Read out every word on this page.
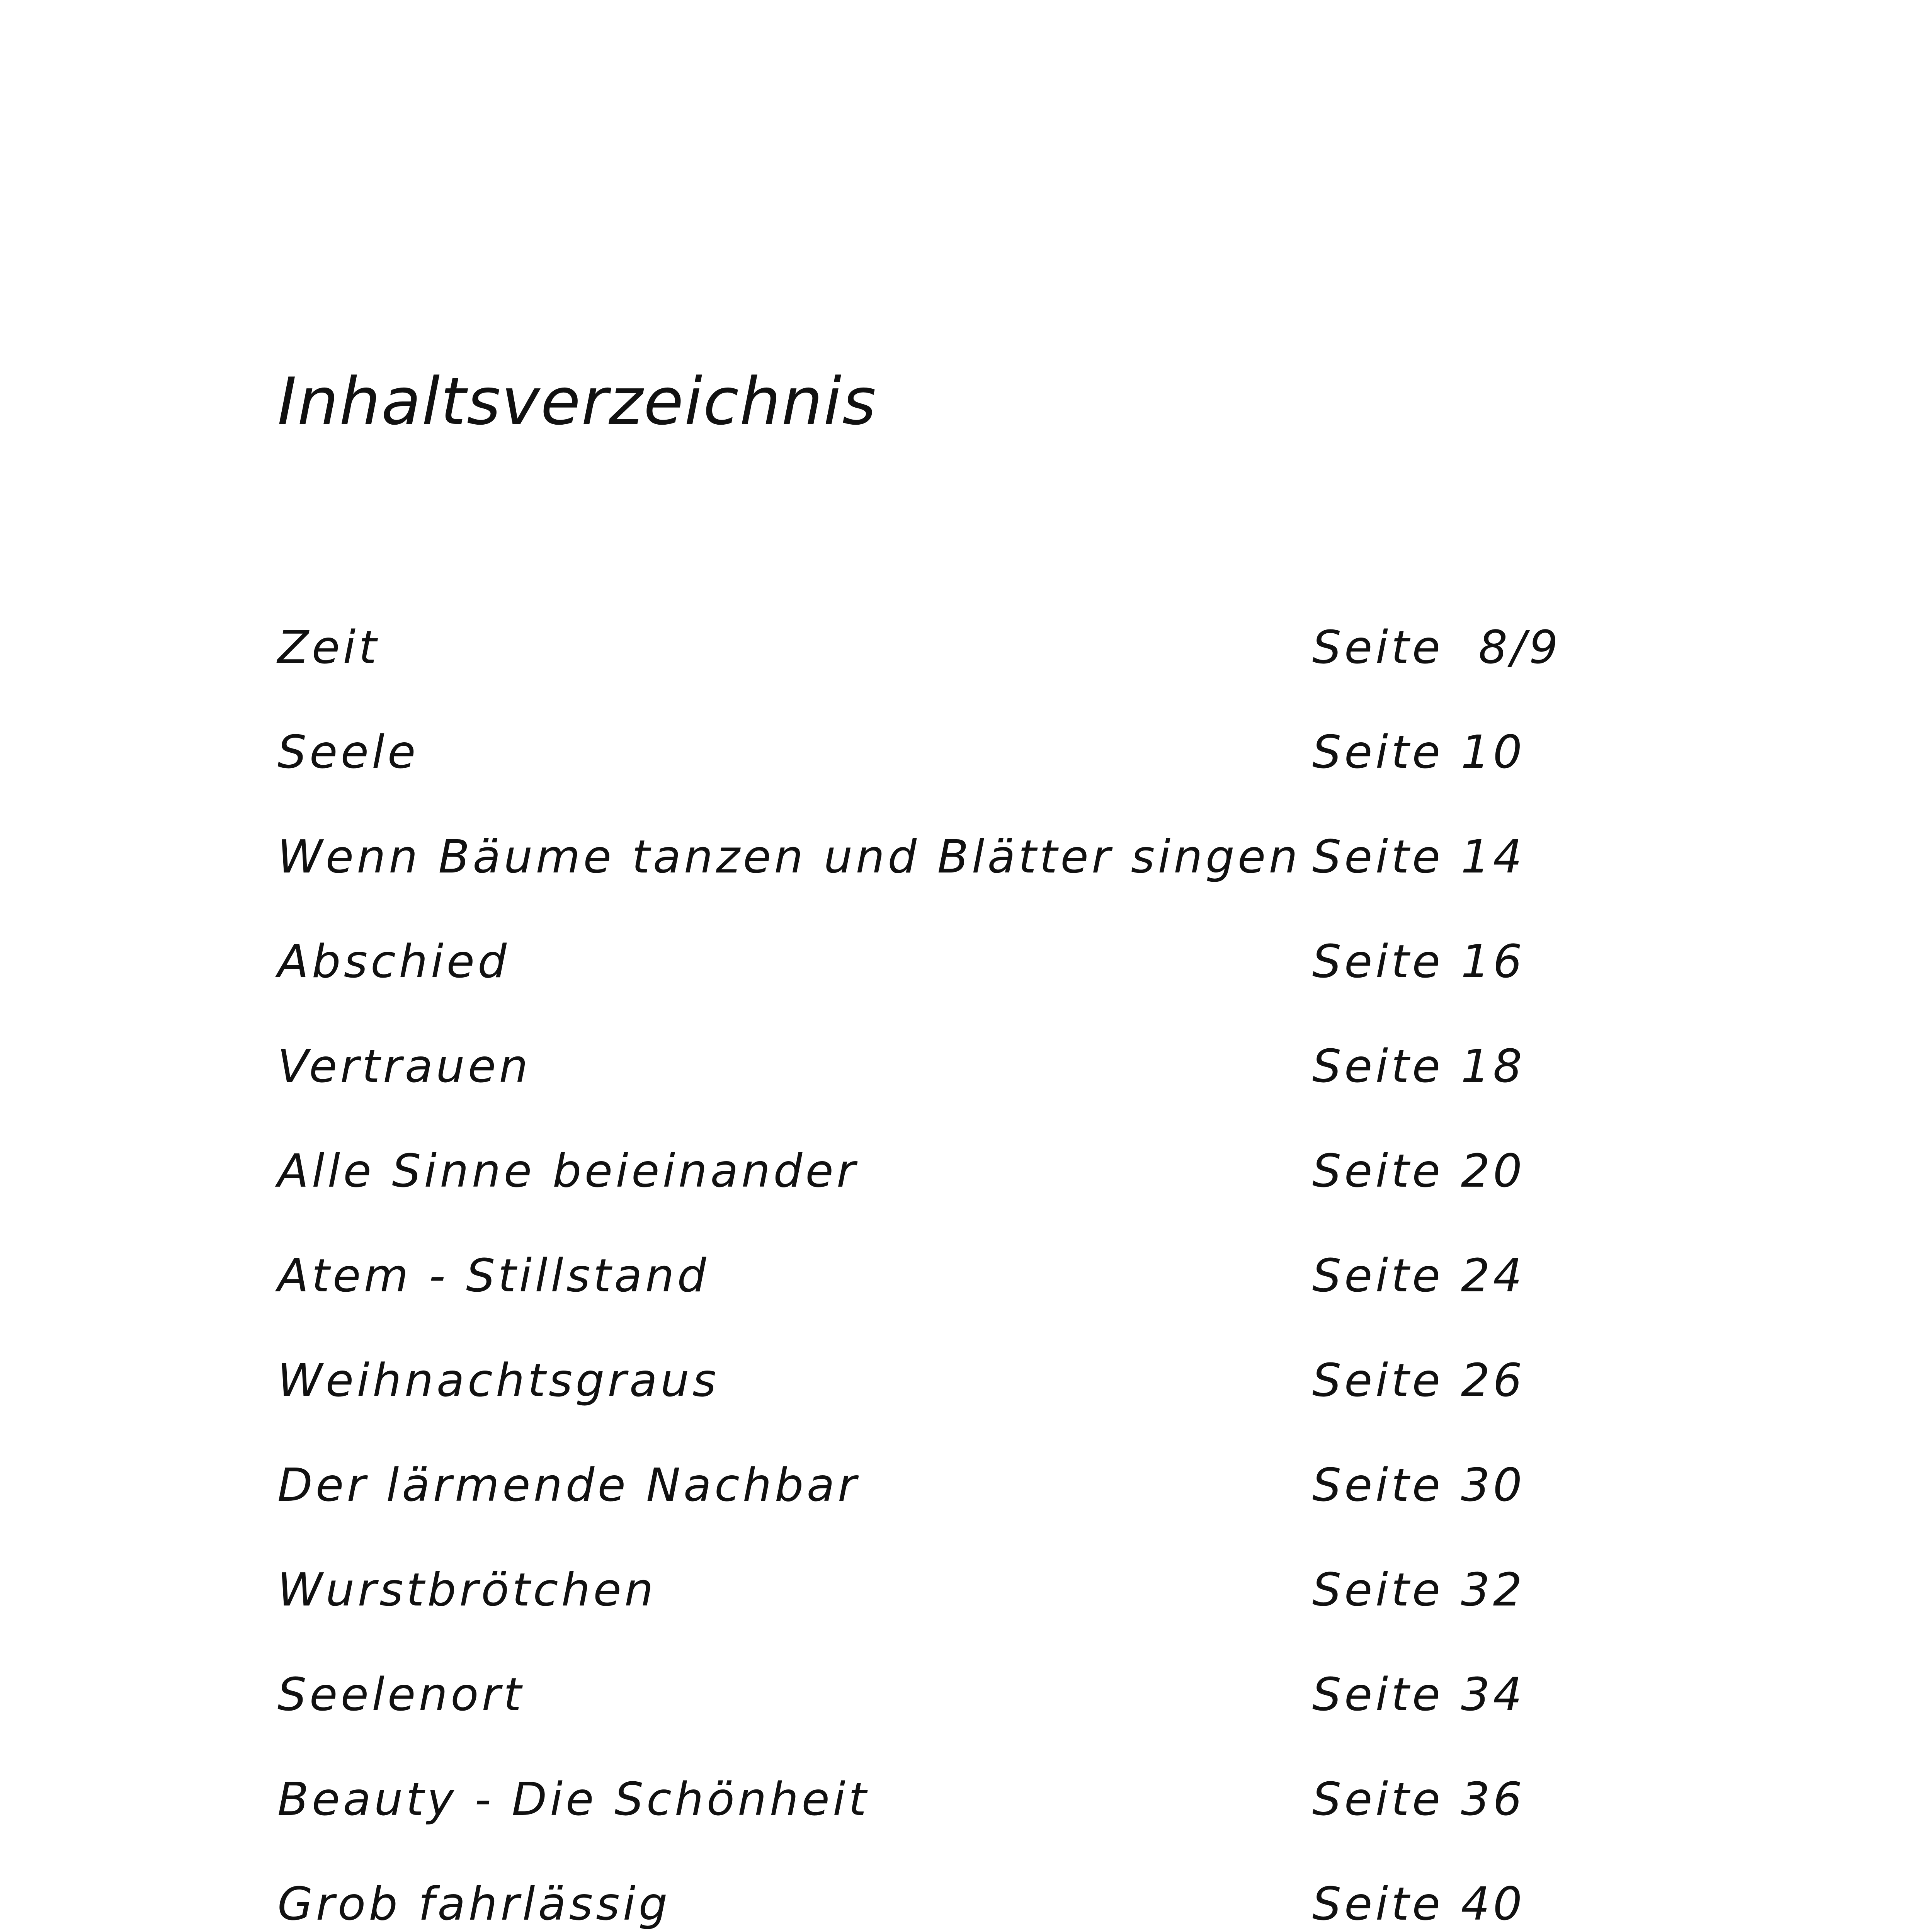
Inhaltsverzeichnis
Zeit	Seite  8/9
Seele	Seite 10
Wenn Bäume tanzen und Blätter singen Seite 14
Abschied	Seite 16
Vertrauen	Seite 18
Alle Sinne beieinander	Seite 20
Atem - Stillstand	Seite 24
Weihnachtsgraus	Seite 26
Der lärmende Nachbar	Seite 30
Wurstbrötchen	Seite 32
Seelenort	Seite 34
Beauty - Die Schönheit	Seite 36
Grob fahrlässig	Seite 40
